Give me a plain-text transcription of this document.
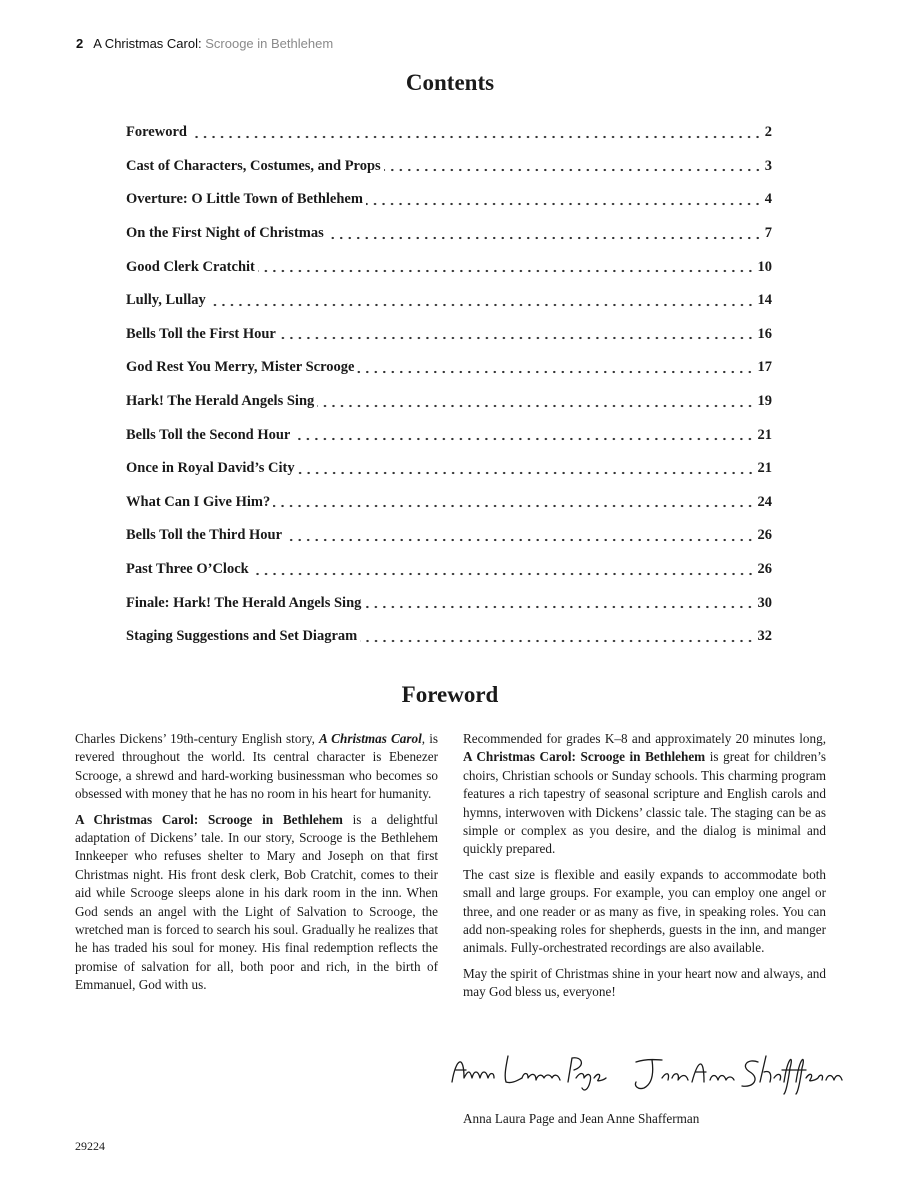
2 A Christmas Carol: Scrooge in Bethlehem
Contents
Foreword	2
Cast of Characters, Costumes, and Props	3
Overture: O Little Town of Bethlehem	4
On the First Night of Christmas	7
Good Clerk Cratchit	10
Lully, Lullay	14
Bells Toll the First Hour	16
God Rest You Merry, Mister Scrooge	17
Hark! The Herald Angels Sing	19
Bells Toll the Second Hour	21
Once in Royal David’s City	21
What Can I Give Him?	24
Bells Toll the Third Hour	26
Past Three O’Clock	26
Finale: Hark! The Herald Angels Sing	30
Staging Suggestions and Set Diagram	32
Foreword

Charles Dickens’ 19th-century English story, A Christmas Carol, is revered throughout the world. Its central character is Ebenezer Scrooge, a shrewd and hard-working businessman who becomes so obsessed with money that he has no room in his heart for humanity.

A Christmas Carol: Scrooge in Bethlehem is a delightful adaptation of Dickens’ tale. In our story, Scrooge is the Bethlehem Innkeeper who refuses shelter to Mary and Joseph on that first Christmas night. His front desk clerk, Bob Cratchit, comes to their aid while Scrooge sleeps alone in his dark room in the inn. When God sends an angel with the Light of Salvation to Scrooge, the wretched man is forced to search his soul. Gradually he realizes that he has traded his soul for money. His final redemption reflects the promise of salvation for all, both poor and rich, in the birth of Emmanuel, God with us.

Recommended for grades K–8 and approximately 20 minutes long, A Christmas Carol: Scrooge in Bethlehem is great for children’s choirs, Christian schools or Sunday schools. This charming program features a rich tapestry of seasonal scripture and English carols and hymns, interwoven with Dickens’ classic tale. The staging can be as simple or complex as you desire, and the dialog is minimal and quickly prepared.

The cast size is flexible and easily expands to accommodate both small and large groups. For example, you can employ one angel or three, and one reader or as many as five, in speaking roles. You can add non-speaking roles for shepherds, guests in the inn, and manger animals. Fully-orchestrated recordings are also available.

May the spirit of Christmas shine in your heart now and always, and may God bless us, everyone!

Anna Laura Page and Jean Anne Shafferman
29224
